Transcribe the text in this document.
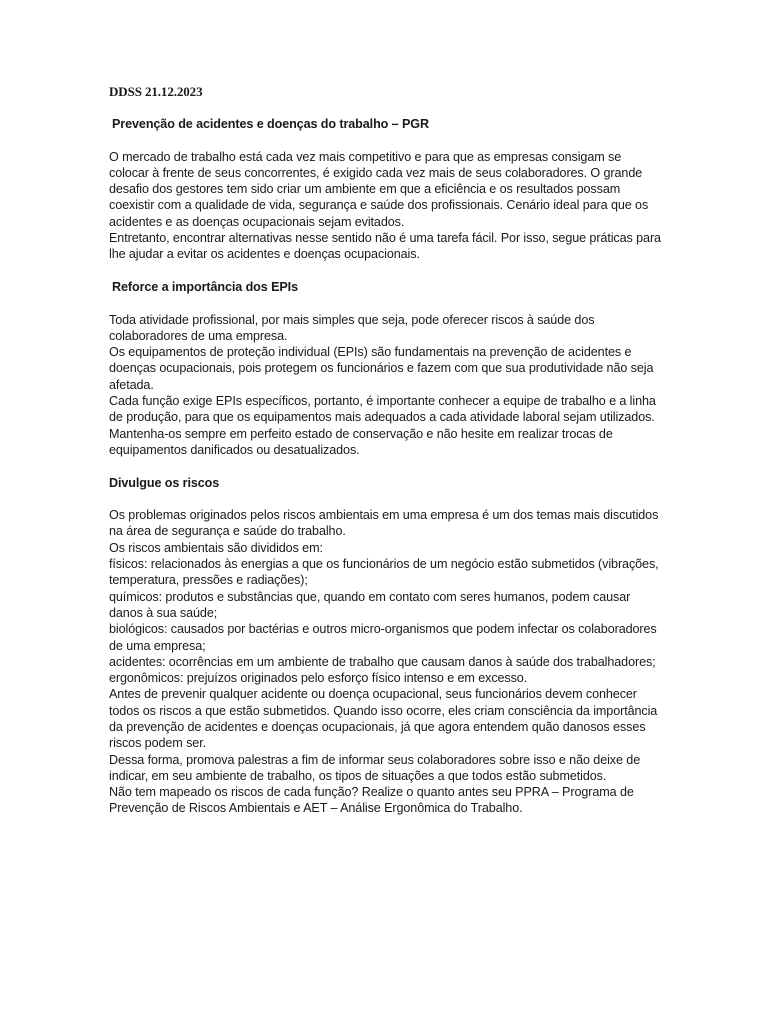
DDSS 21.12.2023
Prevenção de acidentes e doenças do trabalho – PGR

O mercado de trabalho está cada vez mais competitivo e para que as empresas consigam se colocar à frente de seus concorrentes, é exigido cada vez mais de seus colaboradores. O grande desafio dos gestores tem sido criar um ambiente em que a eficiência e os resultados possam coexistir com a qualidade de vida, segurança e saúde dos profissionais. Cenário ideal para que os acidentes e as doenças ocupacionais sejam evitados.

Entretanto, encontrar alternativas nesse sentido não é uma tarefa fácil. Por isso, segue práticas para lhe ajudar a evitar os acidentes e doenças ocupacionais.

Reforce a importância dos EPIs

Toda atividade profissional, por mais simples que seja, pode oferecer riscos à saúde dos colaboradores de uma empresa.

Os equipamentos de proteção individual (EPIs) são fundamentais na prevenção de acidentes e doenças ocupacionais, pois protegem os funcionários e fazem com que sua produtividade não seja afetada.

Cada função exige EPIs específicos, portanto, é importante conhecer a equipe de trabalho e a linha de produção, para que os equipamentos mais adequados a cada atividade laboral sejam utilizados.

Mantenha-os sempre em perfeito estado de conservação e não hesite em realizar trocas de equipamentos danificados ou desatualizados.

Divulgue os riscos

Os problemas originados pelos riscos ambientais em uma empresa é um dos temas mais discutidos na área de segurança e saúde do trabalho.

Os riscos ambientais são divididos em:

físicos: relacionados às energias a que os funcionários de um negócio estão submetidos (vibrações, temperatura, pressões e radiações);

químicos: produtos e substâncias que, quando em contato com seres humanos, podem causar danos à sua saúde;

biológicos: causados por bactérias e outros micro-organismos que podem infectar os colaboradores de uma empresa;

acidentes: ocorrências em um ambiente de trabalho que causam danos à saúde dos trabalhadores;

ergonômicos: prejuízos originados pelo esforço físico intenso e em excesso.

Antes de prevenir qualquer acidente ou doença ocupacional, seus funcionários devem conhecer todos os riscos a que estão submetidos. Quando isso ocorre, eles criam consciência da importância da prevenção de acidentes e doenças ocupacionais, já que agora entendem quão danosos esses riscos podem ser.

Dessa forma, promova palestras a fim de informar seus colaboradores sobre isso e não deixe de indicar, em seu ambiente de trabalho, os tipos de situações a que todos estão submetidos.

Não tem mapeado os riscos de cada função? Realize o quanto antes seu PPRA – Programa de Prevenção de Riscos Ambientais e AET – Análise Ergonômica do Trabalho.
